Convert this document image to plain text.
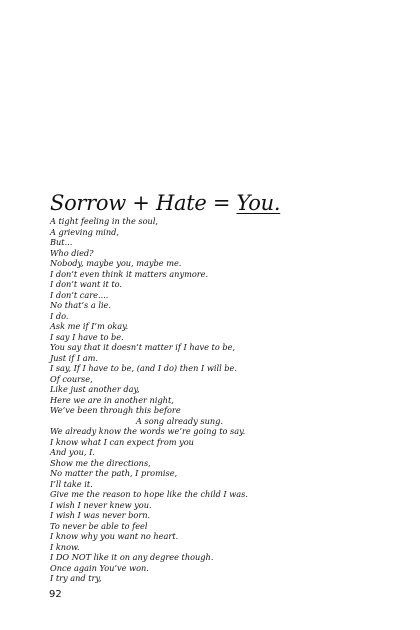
Sorrow + Hate = You.
A tight feeling in the soul,
A grieving mind,
But...
Who died?
Nobody, maybe you, maybe me.
I don’t even think it matters anymore.
I don’t want it to.
I don’t care....
No that’s a lie.
I do.
Ask me if I’m okay.
I say I have to be.
You say that it doesn’t matter if I have to be,
Just if I am.
I say, If I have to be, (and I do) then I will be.
Of course,
Like just another day,
Here we are in another night,
We’ve been through this before
A song already sung.
We already know the words we’re going to say.
I know what I can expect from you
And you, I.
Show me the directions,
No matter the path, I promise,
I’ll take it.
Give me the reason to hope like the child I was.
I wish I never knew you.
I wish I was never born.
To never be able to feel
I know why you want no heart.
I know.
I DO NOT like it on any degree though.
Once again You’ve won.
I try and try,
92
